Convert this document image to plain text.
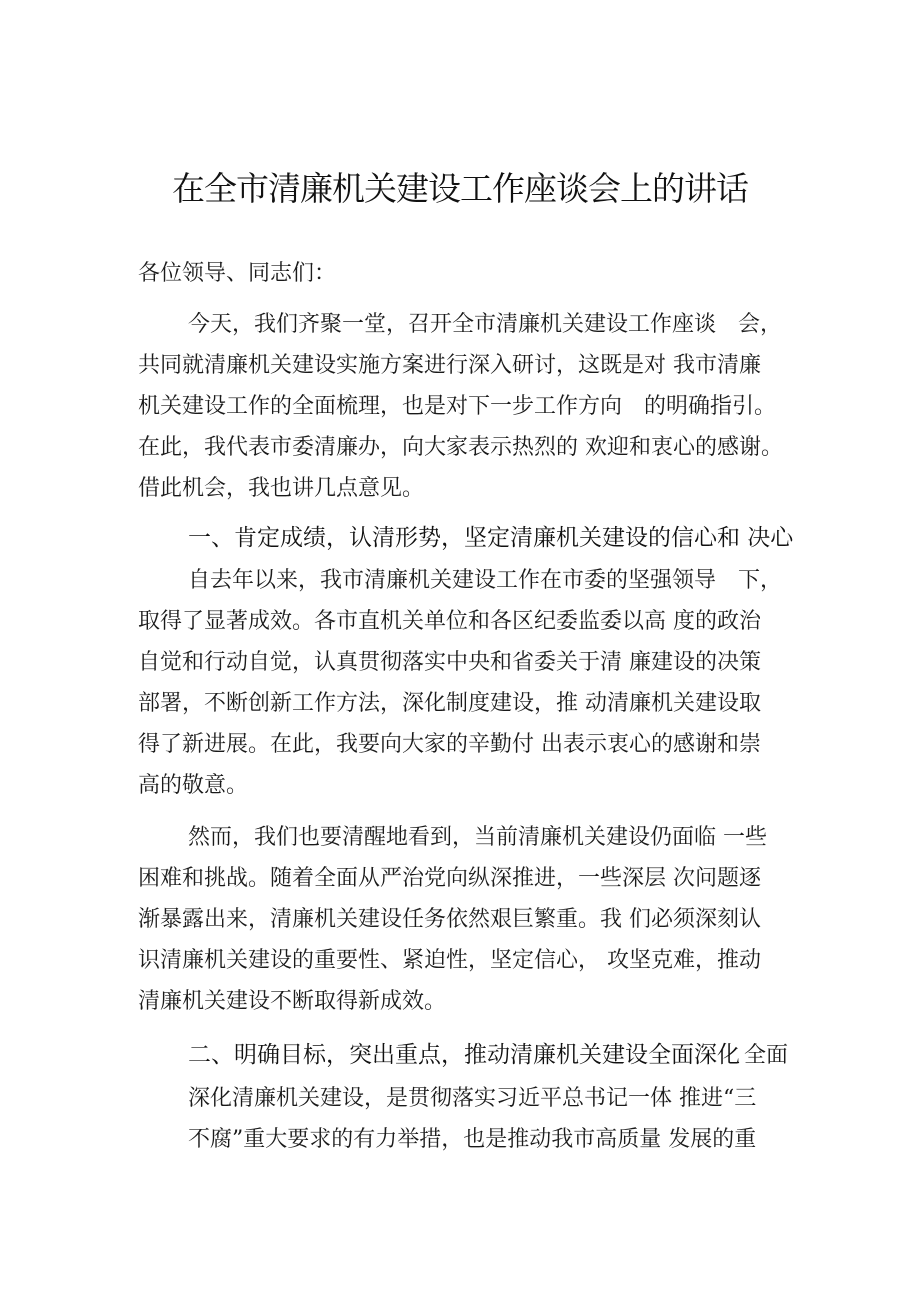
在全市清廉机关建设工作座谈会上的讲话
各位领导、同志们：
今天，我们齐聚一堂，召开全市清廉机关建设工作座谈　会，
共同就清廉机关建设实施方案进行深入研讨，这既是对 我市清廉
机关建设工作的全面梳理，也是对下一步工作方向　的明确指引。
在此，我代表市委清廉办，向大家表示热烈的 欢迎和衷心的感谢。
借此机会，我也讲几点意见。
一、肯定成绩，认清形势，坚定清廉机关建设的信心和 决心
自去年以来，我市清廉机关建设工作在市委的坚强领导　下，
取得了显著成效。各市直机关单位和各区纪委监委以高 度的政治
自觉和行动自觉，认真贯彻落实中央和省委关于清 廉建设的决策
部署，不断创新工作方法，深化制度建设，推 动清廉机关建设取
得了新进展。在此，我要向大家的辛勤付 出表示衷心的感谢和崇
高的敬意。
然而，我们也要清醒地看到，当前清廉机关建设仍面临 一些
困难和挑战。随着全面从严治党向纵深推进，一些深层 次问题逐
渐暴露出来，清廉机关建设任务依然艰巨繁重。我 们必须深刻认
识清廉机关建设的重要性、紧迫性，坚定信心， 攻坚克难，推动
清廉机关建设不断取得新成效。
二、明确目标，突出重点，推动清廉机关建设全面深化 全面
深化清廉机关建设，是贯彻落实习近平总书记一体 推进“三
不腐”重大要求的有力举措，也是推动我市高质量 发展的重
